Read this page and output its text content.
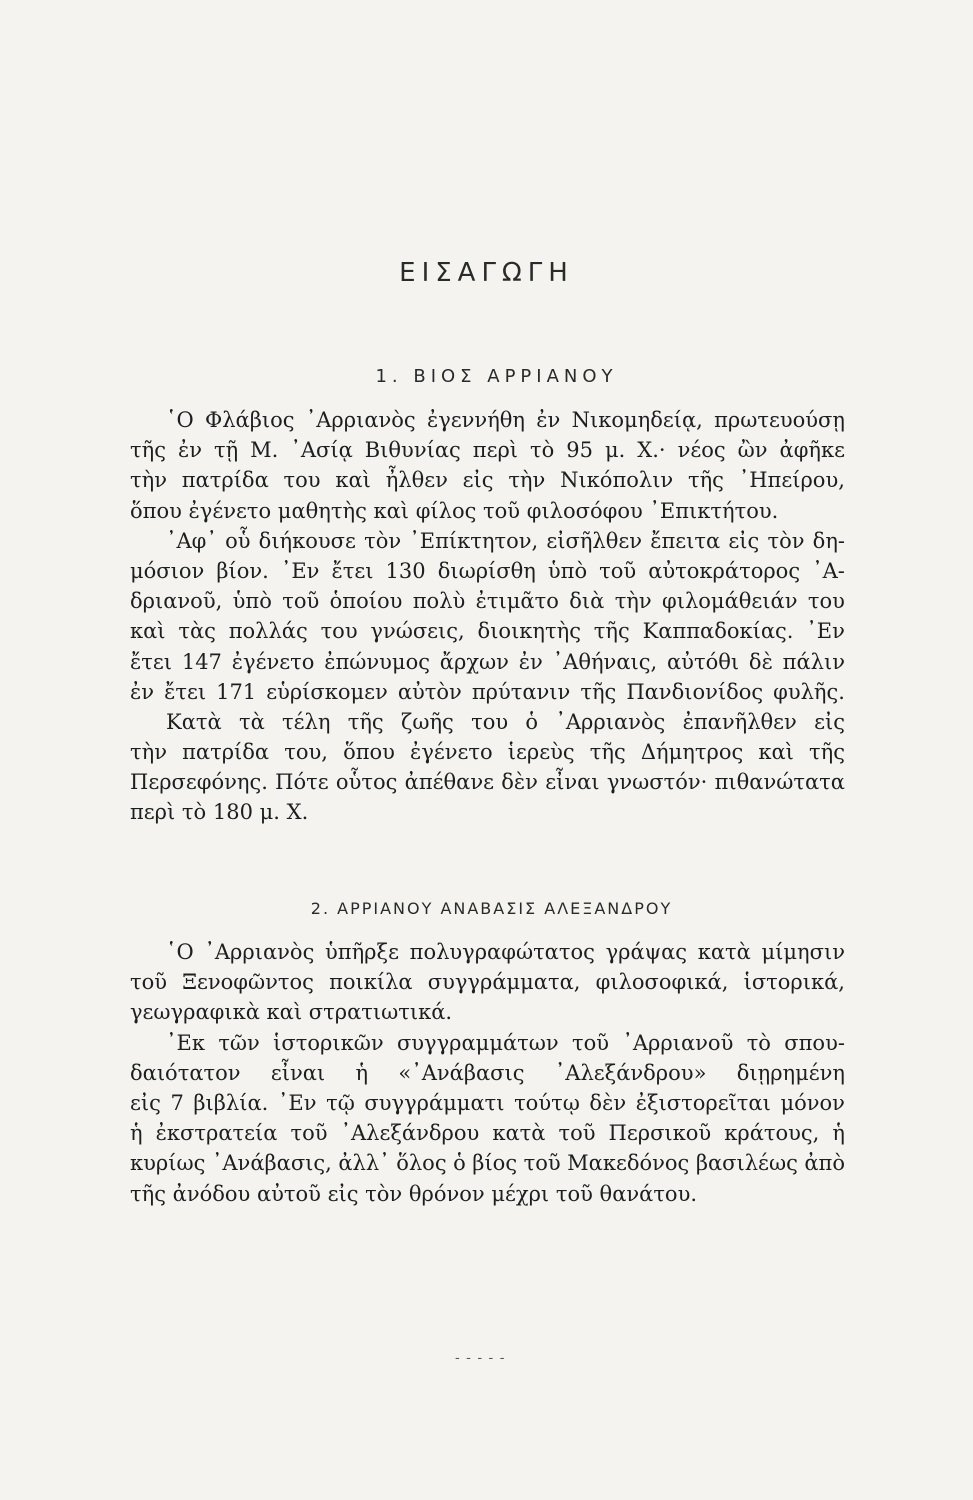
ΕΙΣΑΓΩΓΗ
1. ΒΙΟΣ ΑΡΡΙΑΝΟΥ
῾Ο Φλάβιος ᾿Αρριανὸς ἐγεννήθη ἐν Νικομηδείᾳ, πρωτευούσῃ
τῆς ἐν τῇ Μ. ᾿Ασίᾳ Βιθυνίας περὶ τὸ 95 μ. Χ.· νέος ὢν ἀφῆκε
τὴν πατρίδα του καὶ ἦλθεν εἰς τὴν Νικόπολιν τῆς ᾿Ηπείρου,
ὅπου ἐγένετο μαθητὴς καὶ φίλος τοῦ φιλοσόφου ᾿Επικτήτου.
᾿Αφ᾿ οὗ διήκουσε τὸν ᾿Επίκτητον, εἰσῆλθεν ἔπειτα εἰς τὸν δη-
μόσιον βίον. ᾿Εν ἔτει 130 διωρίσθη ὑπὸ τοῦ αὐτοκράτορος ᾿Α-
δριανοῦ, ὑπὸ τοῦ ὁποίου πολὺ ἐτιμᾶτο διὰ τὴν φιλομάθειάν του
καὶ τὰς πολλάς του γνώσεις, διοικητὴς τῆς Καππαδοκίας. ᾿Εν
ἔτει 147 ἐγένετο ἐπώνυμος ἄρχων ἐν ᾿Αθήναις, αὐτόθι δὲ πάλιν
ἐν ἔτει 171 εὑρίσκομεν αὐτὸν πρύτανιν τῆς Πανδιονίδος φυλῆς.
Κατὰ τὰ τέλη τῆς ζωῆς του ὁ ᾿Αρριανὸς ἐπανῆλθεν εἰς
τὴν πατρίδα του, ὅπου ἐγένετο ἱερεὺς τῆς Δήμητρος καὶ τῆς
Περσεφόνης. Πότε οὗτος ἀπέθανε δὲν εἶναι γνωστόν· πιθανώτατα
περὶ τὸ 180 μ. Χ.
2. ΑΡΡΙΑΝΟΥ ΑΝΑΒΑΣΙΣ ΑΛΕΞΑΝΔΡΟΥ
῾Ο ᾿Αρριανὸς ὑπῆρξε πολυγραφώτατος γράψας κατὰ μίμησιν
τοῦ Ξενοφῶντος ποικίλα συγγράμματα, φιλοσοφικά, ἱστορικά,
γεωγραφικὰ καὶ στρατιωτικά.
᾿Εκ τῶν ἱστορικῶν συγγραμμάτων τοῦ ᾿Αρριανοῦ τὸ σπου-
δαιότατον εἶναι ἡ «᾿Ανάβασις ᾿Αλεξάνδρου» διῃρημένη
εἰς 7 βιβλία. ᾿Εν τῷ συγγράμματι τούτῳ δὲν ἐξιστορεῖται μόνον
ἡ ἐκστρατεία τοῦ ᾿Αλεξάνδρου κατὰ τοῦ Περσικοῦ κράτους, ἡ
κυρίως ᾿Ανάβασις, ἀλλ᾿ ὅλος ὁ βίος τοῦ Μακεδόνος βασιλέως ἀπὸ
τῆς ἀνόδου αὐτοῦ εἰς τὸν θρόνον μέχρι τοῦ θανάτου.
- - - - -
